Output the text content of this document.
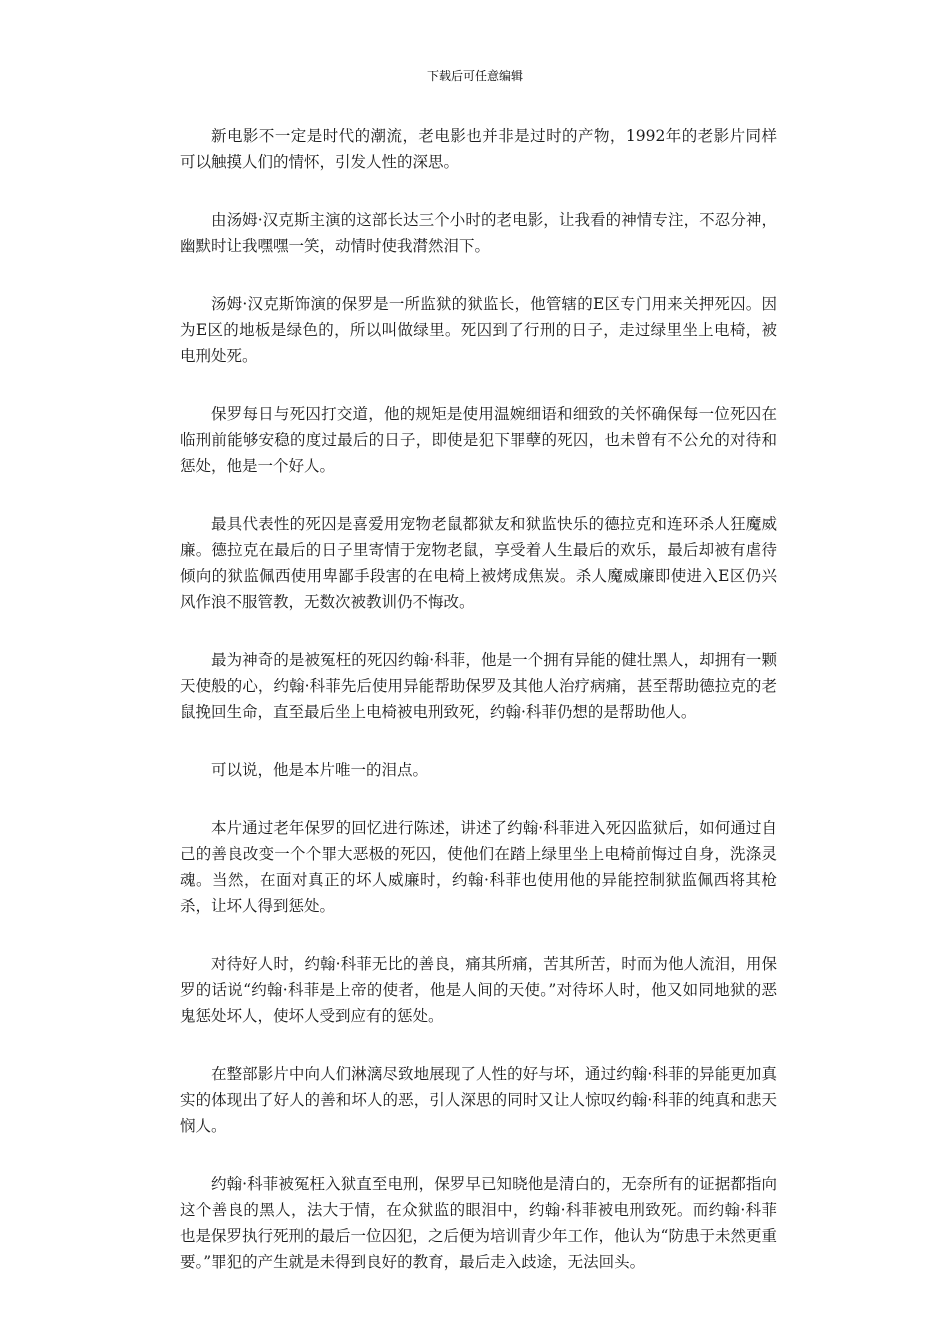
下载后可任意编辑

新电影不一定是时代的潮流，老电影也并非是过时的产物，1992年的老影片同样可以触摸人们的情怀，引发人性的深思。

由汤姆·汉克斯主演的这部长达三个小时的老电影，让我看的神情专注，不忍分神，幽默时让我嘿嘿一笑，动情时使我潸然泪下。

汤姆·汉克斯饰演的保罗是一所监狱的狱监长，他管辖的E区专门用来关押死囚。因为E区的地板是绿色的，所以叫做绿里。死囚到了行刑的日子，走过绿里坐上电椅，被电刑处死。

保罗每日与死囚打交道，他的规矩是使用温婉细语和细致的关怀确保每一位死囚在临刑前能够安稳的度过最后的日子，即使是犯下罪孽的死囚，也未曾有不公允的对待和惩处，他是一个好人。

最具代表性的死囚是喜爱用宠物老鼠都狱友和狱监快乐的德拉克和连环杀人狂魔威廉。德拉克在最后的日子里寄情于宠物老鼠，享受着人生最后的欢乐，最后却被有虐待倾向的狱监佩西使用卑鄙手段害的在电椅上被烤成焦炭。杀人魔威廉即使进入E区仍兴风作浪不服管教，无数次被教训仍不悔改。

最为神奇的是被冤枉的死囚约翰·科菲，他是一个拥有异能的健壮黑人，却拥有一颗天使般的心，约翰·科菲先后使用异能帮助保罗及其他人治疗病痛，甚至帮助德拉克的老鼠挽回生命，直至最后坐上电椅被电刑致死，约翰·科菲仍想的是帮助他人。

可以说，他是本片唯一的泪点。

本片通过老年保罗的回忆进行陈述，讲述了约翰·科菲进入死囚监狱后，如何通过自己的善良改变一个个罪大恶极的死囚，使他们在踏上绿里坐上电椅前悔过自身，洗涤灵魂。当然，在面对真正的坏人威廉时，约翰·科菲也使用他的异能控制狱监佩西将其枪杀，让坏人得到惩处。

对待好人时，约翰·科菲无比的善良，痛其所痛，苦其所苦，时而为他人流泪，用保罗的话说“约翰·科菲是上帝的使者，他是人间的天使。”对待坏人时，他又如同地狱的恶鬼惩处坏人，使坏人受到应有的惩处。

在整部影片中向人们淋漓尽致地展现了人性的好与坏，通过约翰·科菲的异能更加真实的体现出了好人的善和坏人的恶，引人深思的同时又让人惊叹约翰·科菲的纯真和悲天悯人。

约翰·科菲被冤枉入狱直至电刑，保罗早已知晓他是清白的，无奈所有的证据都指向这个善良的黑人，法大于情，在众狱监的眼泪中，约翰·科菲被电刑致死。而约翰·科菲也是保罗执行死刑的最后一位囚犯，之后便为培训青少年工作，他认为“防患于未然更重要。”罪犯的产生就是未得到良好的教育，最后走入歧途，无法回头。
